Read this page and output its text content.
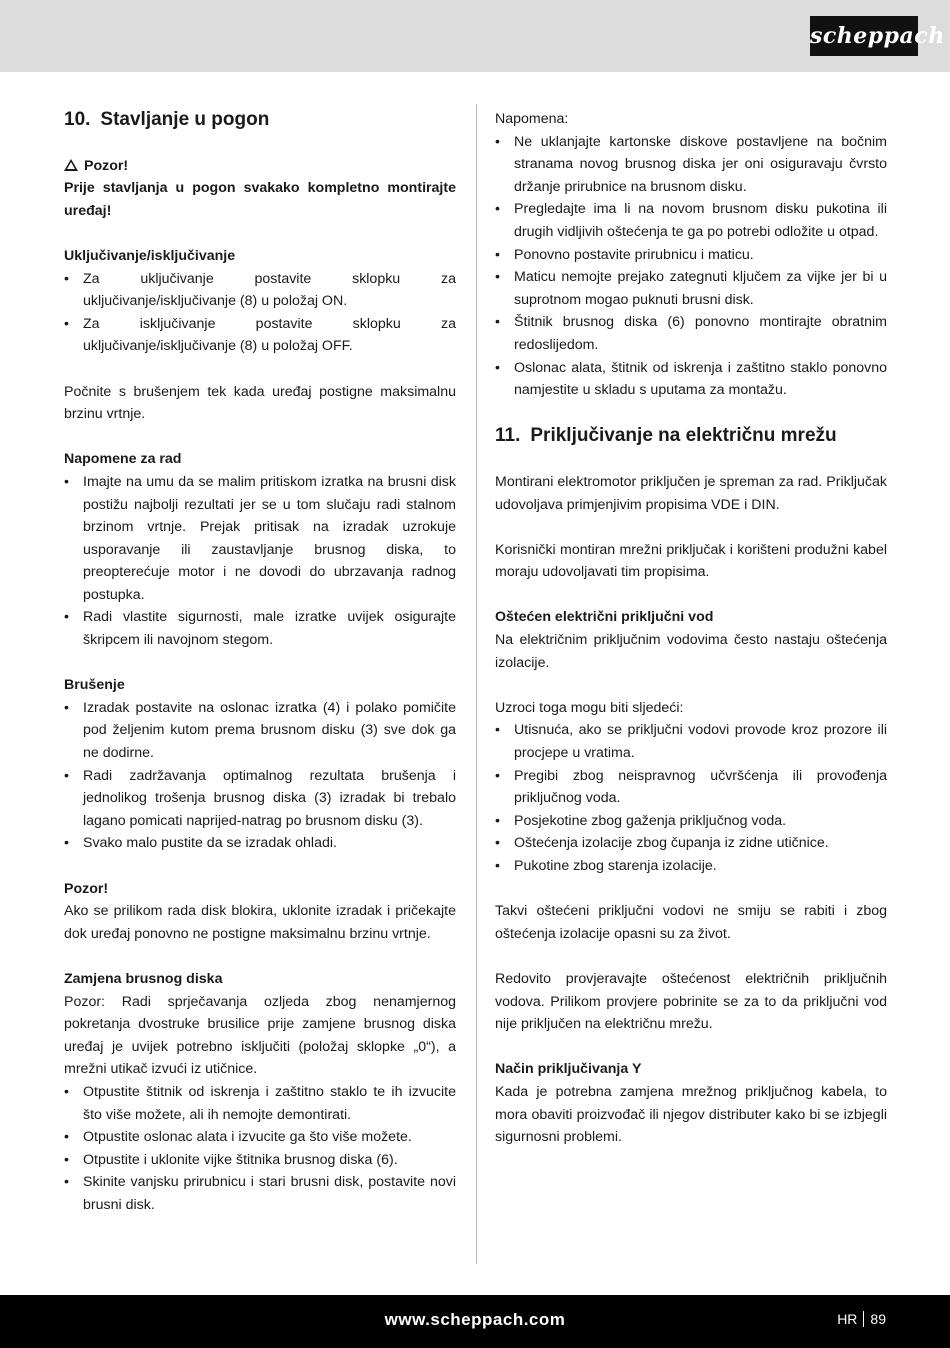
scheppach
10. Stavljanje u pogon

Pozor!

Prije stavljanja u pogon svakako kompletno montirajte uređaj!

Uključivanje/isključivanje

• Za uključivanje postavite sklopku za uključivanje/isključivanje (8) u položaj ON.
• Za isključivanje postavite sklopku za uključivanje/isključivanje (8) u položaj OFF.

Počnite s brušenjem tek kada uređaj postigne maksimalnu brzinu vrtnje.

Napomene za rad

• Imajte na umu da se malim pritiskom izratka na brusni disk postižu najbolji rezultati jer se u tom slučaju radi stalnom brzinom vrtnje. Prejak pritisak na izradak uzrokuje usporavanje ili zaustavljanje brusnog diska, to preopterećuje motor i ne dovodi do ubrzavanja radnog postupka.
• Radi vlastite sigurnosti, male izratke uvijek osigurajte škripcem ili navojnom stegom.

Brušenje

• Izradak postavite na oslonac izratka (4) i polako pomičite pod željenim kutom prema brusnom disku (3) sve dok ga ne dodirne.
• Radi zadržavanja optimalnog rezultata brušenja i jednolikog trošenja brusnog diska (3) izradak bi trebalo lagano pomicati naprijed-natrag po brusnom disku (3).
• Svako malo pustite da se izradak ohladi.

Pozor!

Ako se prilikom rada disk blokira, uklonite izradak i pričekajte dok uređaj ponovno ne postigne maksimalnu brzinu vrtnje.

Zamjena brusnog diska

Pozor: Radi sprječavanja ozljeda zbog nenamjernog pokretanja dvostruke brusilice prije zamjene brusnog diska uređaj je uvijek potrebno isključiti (položaj sklopke „0“), a mrežni utikač izvući iz utičnice.

• Otpustite štitnik od iskrenja i zaštitno staklo te ih izvucite što više možete, ali ih nemojte demontirati.
• Otpustite oslonac alata i izvucite ga što više možete.
• Otpustite i uklonite vijke štitnika brusnog diska (6).
• Skinite vanjsku prirubnicu i stari brusni disk, postavite novi brusni disk.

Napomena:

• Ne uklanjajte kartonske diskove postavljene na bočnim stranama novog brusnog diska jer oni osiguravaju čvrsto držanje prirubnice na brusnom disku.
• Pregledajte ima li na novom brusnom disku pukotina ili drugih vidljivih oštećenja te ga po potrebi odložite u otpad.
• Ponovno postavite prirubnicu i maticu.
• Maticu nemojte prejako zategnuti ključem za vijke jer bi u suprotnom mogao puknuti brusni disk.
• Štitnik brusnog diska (6) ponovno montirajte obratnim redoslijedom.
• Oslonac alata, štitnik od iskrenja i zaštitno staklo ponovno namjestite u skladu s uputama za montažu.
11. Priključivanje na električnu mrežu

Montirani elektromotor priključen je spreman za rad. Priključak udovoljava primjenjivim propisima VDE i DIN.

Korisnički montiran mrežni priključak i korišteni produžni kabel moraju udovoljavati tim propisima.

Oštećen električni priključni vod

Na električnim priključnim vodovima često nastaju oštećenja izolacije.

Uzroci toga mogu biti sljedeći:

• Utisnuća, ako se priključni vodovi provode kroz prozore ili procjepe u vratima.
• Pregibi zbog neispravnog učvršćenja ili provođenja priključnog voda.
• Posjekotine zbog gaženja priključnog voda.
• Oštećenja izolacije zbog čupanja iz zidne utičnice.
• Pukotine zbog starenja izolacije.

Takvi oštećeni priključni vodovi ne smiju se rabiti i zbog oštećenja izolacije opasni su za život.

Redovito provjeravajte oštećenost električnih priključnih vodova. Prilikom provjere pobrinite se za to da priključni vod nije priključen na električnu mrežu.

Način priključivanja Y

Kada je potrebna zamjena mrežnog priključnog kabela, to mora obaviti proizvođač ili njegov distributer kako bi se izbjegli sigurnosni problemi.

www.scheppach.com	HR 89
